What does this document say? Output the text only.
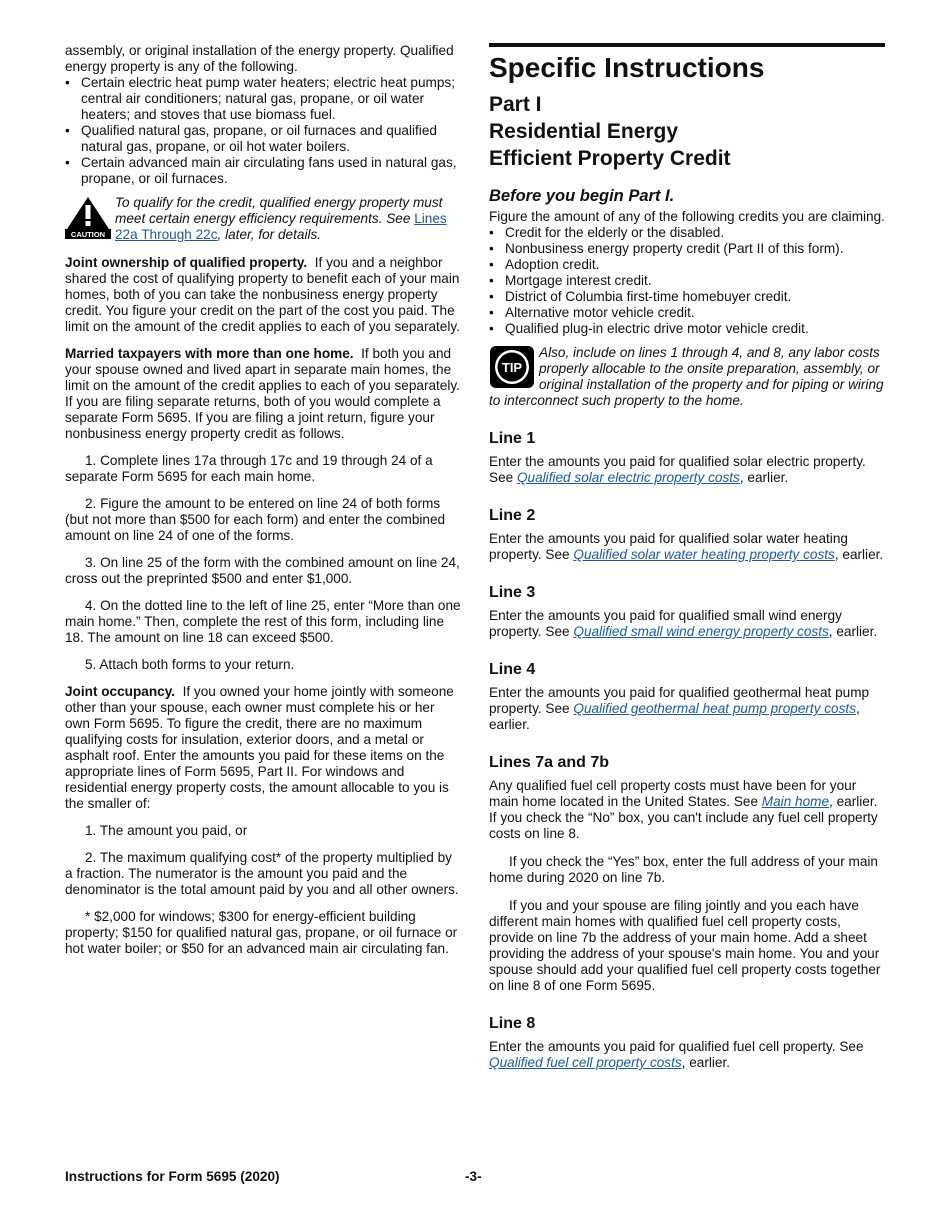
assembly, or original installation of the energy property. Qualified energy property is any of the following.

• Certain electric heat pump water heaters; electric heat pumps; central air conditioners; natural gas, propane, or oil water heaters; and stoves that use biomass fuel.
• Qualified natural gas, propane, or oil furnaces and qualified natural gas, propane, or oil hot water boilers.
• Certain advanced main air circulating fans used in natural gas, propane, or oil furnaces.
CAUTION

To qualify for the credit, qualified energy property must meet certain energy efficiency requirements. See Lines 22a Through 22c, later, for details.

Joint ownership of qualified property. If you and a neighbor shared the cost of qualifying property to benefit each of your main homes, both of you can take the nonbusiness energy property credit. You figure your credit on the part of the cost you paid. The limit on the amount of the credit applies to each of you separately.

Married taxpayers with more than one home. If both you and your spouse owned and lived apart in separate main homes, the limit on the amount of the credit applies to each of you separately. If you are filing separate returns, both of you would complete a separate Form 5695. If you are filing a joint return, figure your nonbusiness energy property credit as follows.

1. Complete lines 17a through 17c and 19 through 24 of a separate Form 5695 for each main home.

2. Figure the amount to be entered on line 24 of both forms (but not more than $500 for each form) and enter the combined amount on line 24 of one of the forms.

3. On line 25 of the form with the combined amount on line 24, cross out the preprinted $500 and enter $1,000.

4. On the dotted line to the left of line 25, enter “More than one main home.” Then, complete the rest of this form, including line 18. The amount on line 18 can exceed $500.

5. Attach both forms to your return.

Joint occupancy. If you owned your home jointly with someone other than your spouse, each owner must complete his or her own Form 5695. To figure the credit, there are no maximum qualifying costs for insulation, exterior doors, and a metal or asphalt roof. Enter the amounts you paid for these items on the appropriate lines of Form 5695, Part II. For windows and residential energy property costs, the amount allocable to you is the smaller of:

1. The amount you paid, or

2. The maximum qualifying cost* of the property multiplied by a fraction. The numerator is the amount you paid and the denominator is the total amount paid by you and all other owners.

* $2,000 for windows; $300 for energy-efficient building property; $150 for qualified natural gas, propane, or oil furnace or hot water boiler; or $50 for an advanced main air circulating fan.

Specific Instructions
Part I
Residential Energy
Efficient Property Credit
Before you begin Part I.

Figure the amount of any of the following credits you are claiming.

• Credit for the elderly or the disabled.
• Nonbusiness energy property credit (Part II of this form).
• Adoption credit.
• Mortgage interest credit.
• District of Columbia first-time homebuyer credit.
• Alternative motor vehicle credit.
• Qualified plug-in electric drive motor vehicle credit.
TIP

Also, include on lines 1 through 4, and 8, any labor costs properly allocable to the onsite preparation, assembly, or original installation of the property and for piping or wiring to interconnect such property to the home.

Line 1

Enter the amounts you paid for qualified solar electric property. See Qualified solar electric property costs, earlier.

Line 2

Enter the amounts you paid for qualified solar water heating property. See Qualified solar water heating property costs, earlier.

Line 3

Enter the amounts you paid for qualified small wind energy property. See Qualified small wind energy property costs, earlier.

Line 4

Enter the amounts you paid for qualified geothermal heat pump property. See Qualified geothermal heat pump property costs, earlier.

Lines 7a and 7b

Any qualified fuel cell property costs must have been for your main home located in the United States. See Main home, earlier. If you check the “No” box, you can't include any fuel cell property costs on line 8.

If you check the “Yes” box, enter the full address of your main home during 2020 on line 7b.

If you and your spouse are filing jointly and you each have different main homes with qualified fuel cell property costs, provide on line 7b the address of your main home. Add a sheet providing the address of your spouse's main home. You and your spouse should add your qualified fuel cell property costs together on line 8 of one Form 5695.

Line 8

Enter the amounts you paid for qualified fuel cell property. See Qualified fuel cell property costs, earlier.

Instructions for Form 5695 (2020)	-3-
